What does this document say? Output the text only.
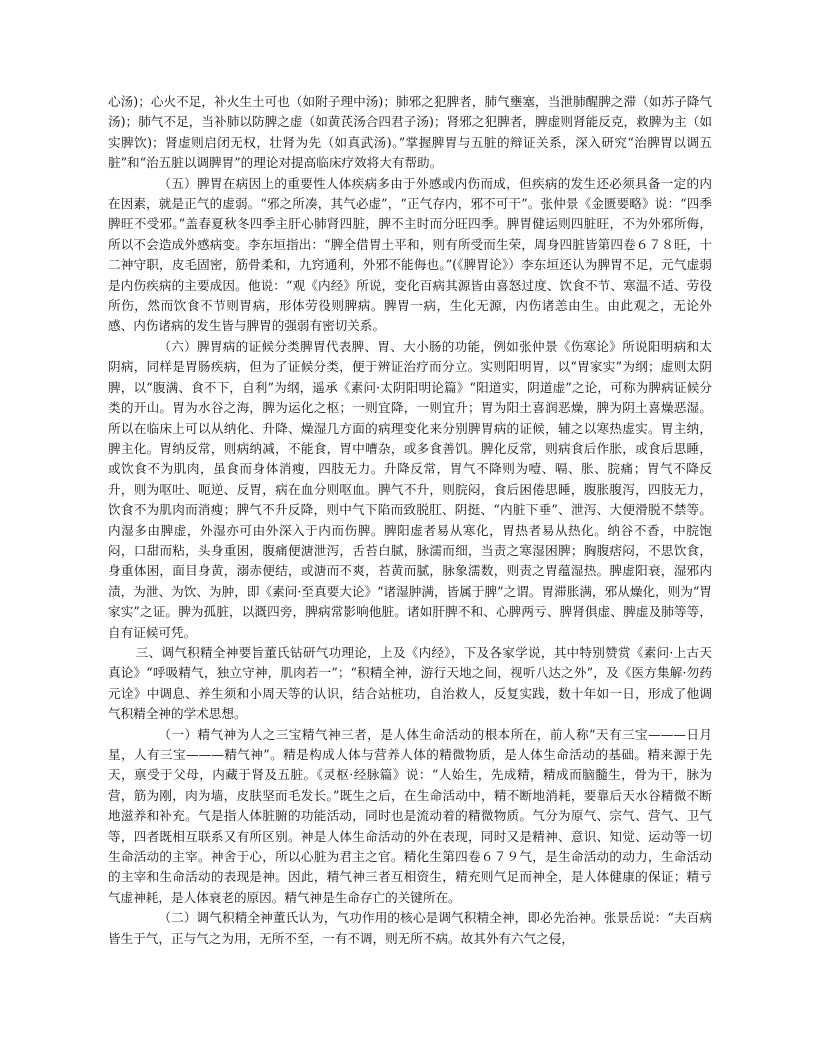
心汤)；心火不足，补火生土可也（如附子理中汤)；肺邪之犯脾者，肺气壅塞，当泄肺醒脾之滞（如苏子降气汤)；肺气不足，当补肺以防脾之虚（如黄芪汤合四君子汤)；肾邪之犯脾者，脾虚则肾能反克，救脾为主（如实脾饮)；肾虚则启闭无权，壮肾为先（如真武汤)。”掌握脾胃与五脏的辩证关系，深入研究“治脾胃以调五脏”和“治五脏以调脾胃”的理论对提高临床疗效将大有帮助。

（五）脾胃在病因上的重要性人体疾病多由于外感或内伤而成，但疾病的发生还必须具备一定的内在因素，就是正气的虚弱。“邪之所凑，其气必虚”，“正气存内，邪不可干”。张仲景《金匮要略》说：“四季脾旺不受邪。”盖春夏秋冬四季主肝心肺肾四脏，脾不主时而分旺四季。脾胃健运则四脏旺，不为外邪所侮，所以不会造成外感病变。李东垣指出：“脾全借胃土平和，则有所受而生荣，周身四脏皆第四卷６７８旺，十二神守职，皮毛固密，筋骨柔和，九窍通利，外邪不能侮也。”(《脾胃论》）李东垣还认为脾胃不足，元气虚弱是内伤疾病的主要成因。他说：“观《内经》所说，变化百病其源皆由喜怒过度、饮食不节、寒温不适、劳役所伤，然而饮食不节则胃病，形体劳役则脾病。脾胃一病，生化无源，内伤诸恙由生。由此观之，无论外感、内伤诸病的发生皆与脾胃的强弱有密切关系。

（六）脾胃病的证候分类脾胃代表脾、胃、大小肠的功能，例如张仲景《伤寒论》所说阳明病和太阴病，同样是胃肠疾病，但为了证候分类，便于辨证治疗而分立。实则阳明胃，以“胃家实”为纲；虚则太阴脾，以“腹满、食不下，自利”为纲，遥承《素问·太阴阳明论篇》“阳道实，阴道虚”之论，可称为脾病证候分类的开山。胃为水谷之海，脾为运化之枢；一则宜降，一则宜升；胃为阳土喜润恶燥，脾为阴土喜燥恶湿。所以在临床上可以从纳化、升降、燥湿几方面的病理变化来分别脾胃病的证候，辅之以寒热虚实。胃主纳，脾主化。胃纳反常，则病纳减，不能食，胃中嘈杂，或多食善饥。脾化反常，则病食后作胀，或食后思睡，或饮食不为肌肉，虽食而身体消瘦，四肢无力。升降反常，胃气不降则为噎、嗝、胀、脘痛；胃气不降反升，则为呕吐、呃逆、反胃，病在血分则呕血。脾气不升，则脘闷，食后困倦思睡，腹胀腹泻，四肢无力，饮食不为肌肉而消瘦；脾气不升反降，则中气下陷而致脱肛、阴挺、“内脏下垂”、泄泻、大便滑脱不禁等。内湿多由脾虚，外湿亦可由外深入于内而伤脾。脾阳虚者易从寒化，胃热者易从热化。纳谷不香，中脘饱闷，口甜而粘，头身重困，腹痛便溏泄泻，舌苔白腻，脉濡而细，当责之寒湿困脾；胸腹痞闷，不思饮食，身重体困，面目身黄，溺赤便结，或溏而不爽，苔黄而腻，脉象濡数，则责之胃蕴湿热。脾虚阳衰，湿邪内渍，为泄、为饮、为肿，即《素问·至真要大论》“诸湿肿满，皆属于脾”之谓。胃滞胀满，邪从燥化，则为“胃家实”之证。脾为孤脏，以溉四旁，脾病常影响他脏。诸如肝脾不和、心脾两亏、脾肾俱虚、脾虚及肺等等，自有证候可凭。

三、调气积精全神要旨董氏钻研气功理论，上及《内经》，下及各家学说，其中特别赞赏《素问·上古天真论》“呼吸精气，独立守神，肌肉若一”；“积精全神，游行天地之间，视听八达之外”，及《医方集解·勿药元诠》中调息、养生须和小周天等的认识，结合站桩功，自治救人，反复实践，数十年如一日，形成了他调气积精全神的学术思想。

（一）精气神为人之三宝精气神三者，是人体生命活动的根本所在，前人称“天有三宝———日月星，人有三宝———精气神”。精是构成人体与营养人体的精微物质，是人体生命活动的基础。精来源于先天，禀受于父母，内藏于肾及五脏。《灵枢·经脉篇》说：“人始生，先成精，精成而脑髓生，骨为干，脉为营，筋为刚，肉为墙，皮肤坚而毛发长。”既生之后，在生命活动中，精不断地消耗，要靠后天水谷精微不断地滋养和补充。气是指人体脏腑的功能活动，同时也是流动着的精微物质。气分为原气、宗气、营气、卫气等，四者既相互联系又有所区别。神是人体生命活动的外在表现，同时又是精神、意识、知觉、运动等一切生命活动的主宰。神舍于心，所以心脏为君主之官。精化生第四卷６７９气，是生命活动的动力，生命活动的主宰和生命活动的表现是神。因此，精气神三者互相资生，精充则气足而神全，是人体健康的保证；精亏气虚神耗，是人体衰老的原因。精气神是生命存亡的关键所在。

（二）调气积精全神董氏认为，气功作用的核心是调气积精全神，即必先治神。张景岳说：“夫百病皆生于气，正与气之为用，无所不至，一有不调，则无所不病。故其外有六气之侵，
